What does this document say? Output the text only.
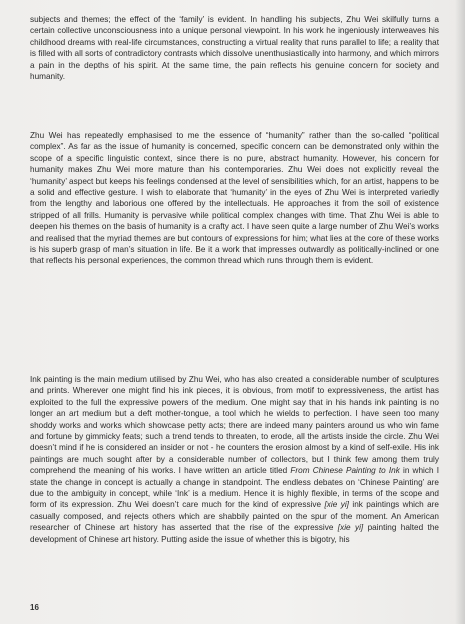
subjects and themes; the effect of the ‘family’ is evident. In handling his subjects, Zhu Wei skilfully turns a certain collective unconsciousness into a unique personal viewpoint. In his work he ingeniously interweaves his childhood dreams with real-life circumstances, constructing a virtual reality that runs parallel to life; a reality that is filled with all sorts of contradictory contrasts which dissolve unenthusiastically into harmony, and which mirrors a pain in the depths of his spirit. At the same time, the pain reflects his genuine concern for society and humanity.

Zhu Wei has repeatedly emphasised to me the essence of “humanity” rather than the so-called “political complex”. As far as the issue of humanity is concerned, specific concern can be demonstrated only within the scope of a specific linguistic context, since there is no pure, abstract humanity. However, his concern for humanity makes Zhu Wei more mature than his contemporaries. Zhu Wei does not explicitly reveal the ‘humanity’ aspect but keeps his feelings condensed at the level of sensibilities which, for an artist, happens to be a solid and effective gesture. I wish to elaborate that ‘humanity’ in the eyes of Zhu Wei is interpreted variedly from the lengthy and laborious one offered by the intellectuals. He approaches it from the soil of existence stripped of all frills. Humanity is pervasive while political complex changes with time. That Zhu Wei is able to deepen his themes on the basis of humanity is a crafty act. I have seen quite a large number of Zhu Wei’s works and realised that the myriad themes are but contours of expressions for him; what lies at the core of these works is his superb grasp of man’s situation in life. Be it a work that impresses outwardly as politically-inclined or one that reflects his personal experiences, the common thread which runs through them is evident.

Ink painting is the main medium utilised by Zhu Wei, who has also created a considerable number of sculptures and prints. Wherever one might find his ink pieces, it is obvious, from motif to expressiveness, the artist has exploited to the full the expressive powers of the medium. One might say that in his hands ink painting is no longer an art medium but a deft mother-tongue, a tool which he wields to perfection. I have seen too many shoddy works and works which showcase petty acts; there are indeed many painters around us who win fame and fortune by gimmicky feats; such a trend tends to threaten, to erode, all the artists inside the circle. Zhu Wei doesn’t mind if he is considered an insider or not - he counters the erosion almost by a kind of self-exile. His ink paintings are much sought after by a considerable number of collectors, but I think few among them truly comprehend the meaning of his works. I have written an article titled From Chinese Painting to Ink in which I state the change in concept is actually a change in standpoint. The endless debates on ‘Chinese Painting’ are due to the ambiguity in concept, while ‘Ink’ is a medium. Hence it is highly flexible, in terms of the scope and form of its expression. Zhu Wei doesn’t care much for the kind of expressive [xie yi] ink paintings which are casually composed, and rejects others which are shabbily painted on the spur of the moment. An American researcher of Chinese art history has asserted that the rise of the expressive [xie yi] painting halted the development of Chinese art history. Putting aside the issue of whether this is bigotry, his

16
